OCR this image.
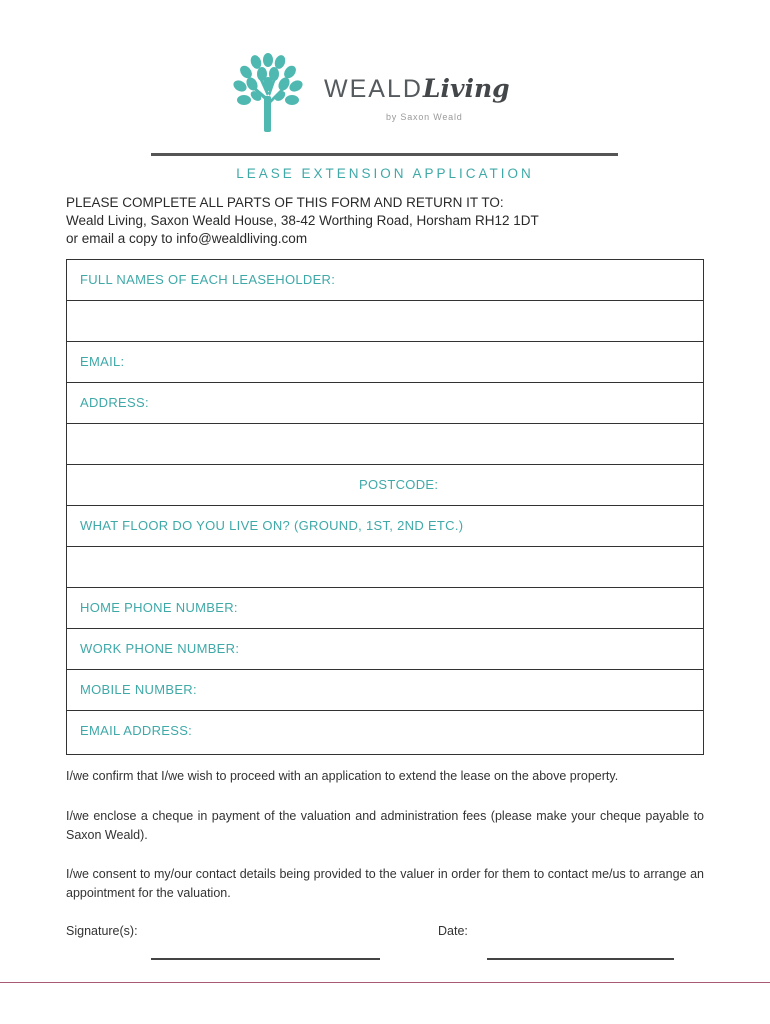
WEALDLiving
by Saxon Weald
LEASE EXTENSION APPLICATION
PLEASE COMPLETE ALL PARTS OF THIS FORM AND RETURN IT TO:
Weald Living, Saxon Weald House, 38-42 Worthing Road, Horsham RH12 1DT
or email a copy to info@wealdliving.com
FULL NAMES OF EACH LEASEHOLDER:
EMAIL:
ADDRESS:
POSTCODE:
WHAT FLOOR DO YOU LIVE ON? (GROUND, 1ST, 2ND ETC.)
HOME PHONE NUMBER:
WORK PHONE NUMBER:
MOBILE NUMBER:
EMAIL ADDRESS:
I/we confirm that I/we wish to proceed with an application to extend the lease on the above property.
I/we enclose a cheque in payment of the valuation and administration fees (please make your cheque payable to Saxon Weald).
I/we consent to my/our contact details being provided to the valuer in order for them to contact me/us to arrange an appointment for the valuation.
Signature(s):	Date:
